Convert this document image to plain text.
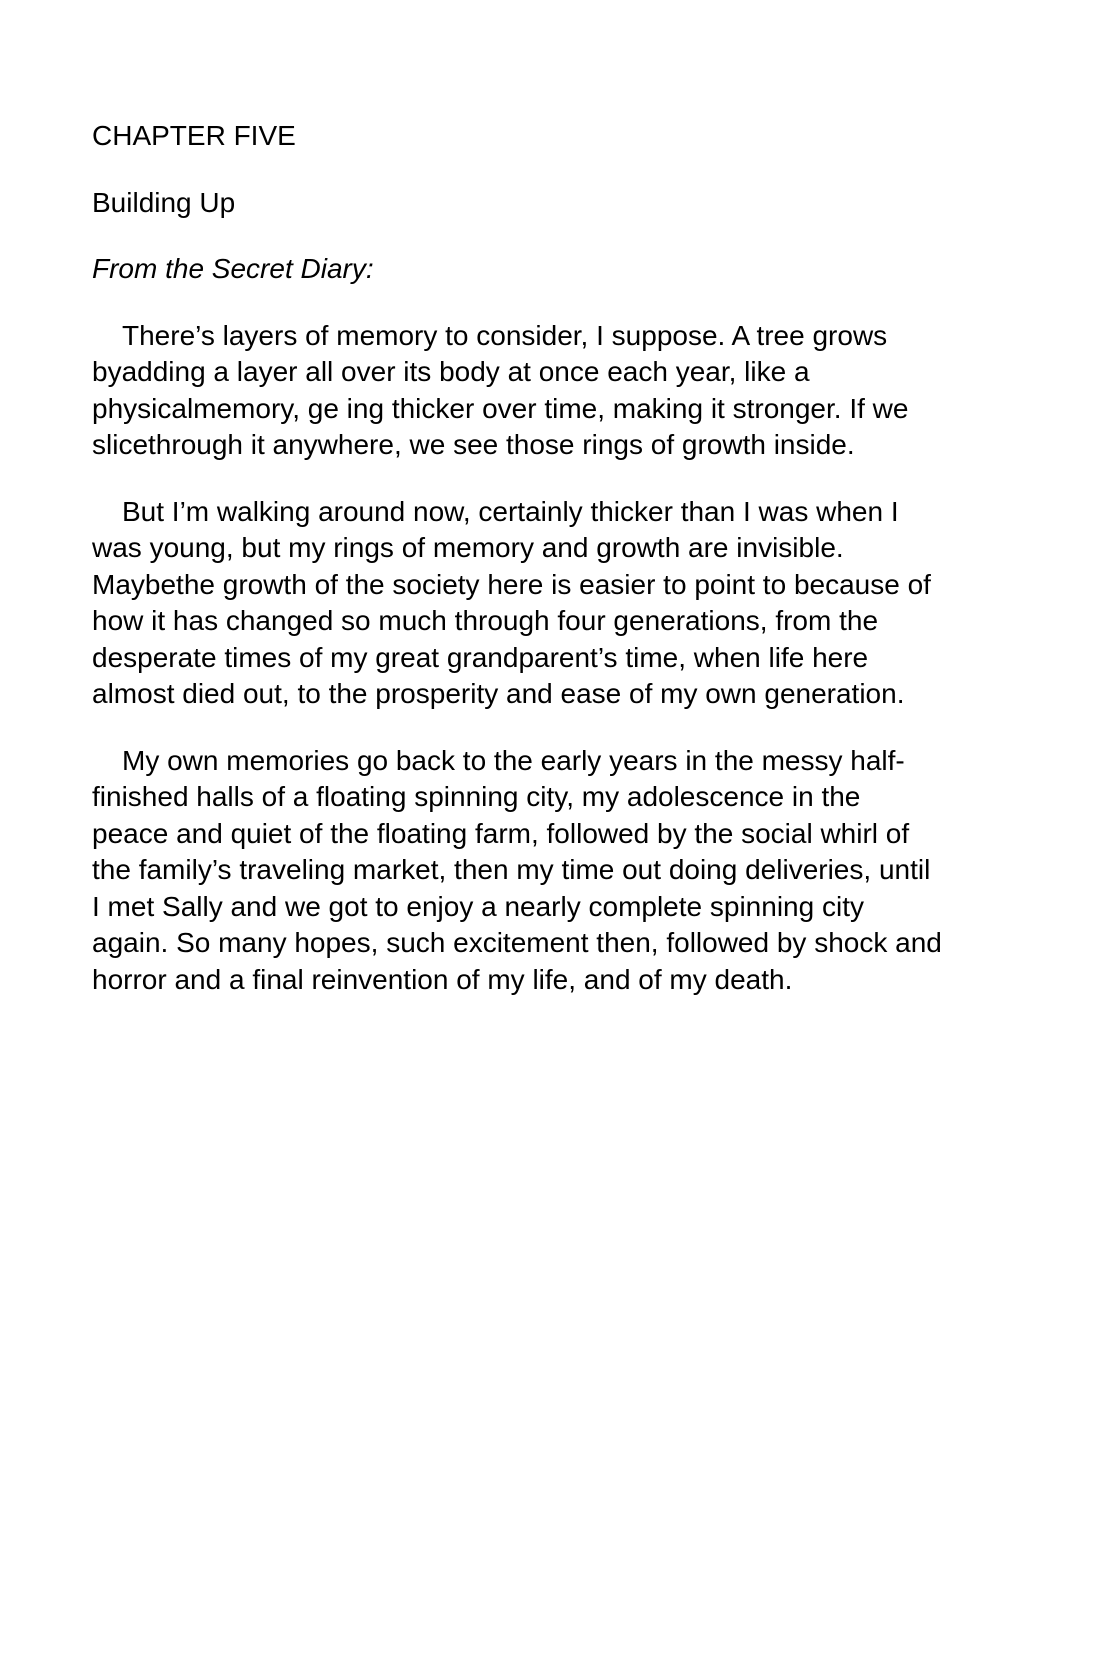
CHAPTER FIVE
Building Up
From the Secret Diary:
There’s layers of memory to consider, I suppose. A tree grows
byadding a layer all over its body at once each year, like a
physicalmemory, ge ing thicker over time, making it stronger. If we
slicethrough it anywhere, we see those rings of growth inside.
But I’m walking around now, certainly thicker than I was when I
was young, but my rings of memory and growth are invisible.
Maybethe growth of the society here is easier to point to because of
how it has changed so much through four generations, from the
desperate times of my great grandparent’s time, when life here
almost died out, to the prosperity and ease of my own generation.
My own memories go back to the early years in the messy half-
finished halls of a floating spinning city, my adolescence in the
peace and quiet of the floating farm, followed by the social whirl of
the family’s traveling market, then my time out doing deliveries, until
I met Sally and we got to enjoy a nearly complete spinning city
again. So many hopes, such excitement then, followed by shock and
horror and a final reinvention of my life, and of my death.
